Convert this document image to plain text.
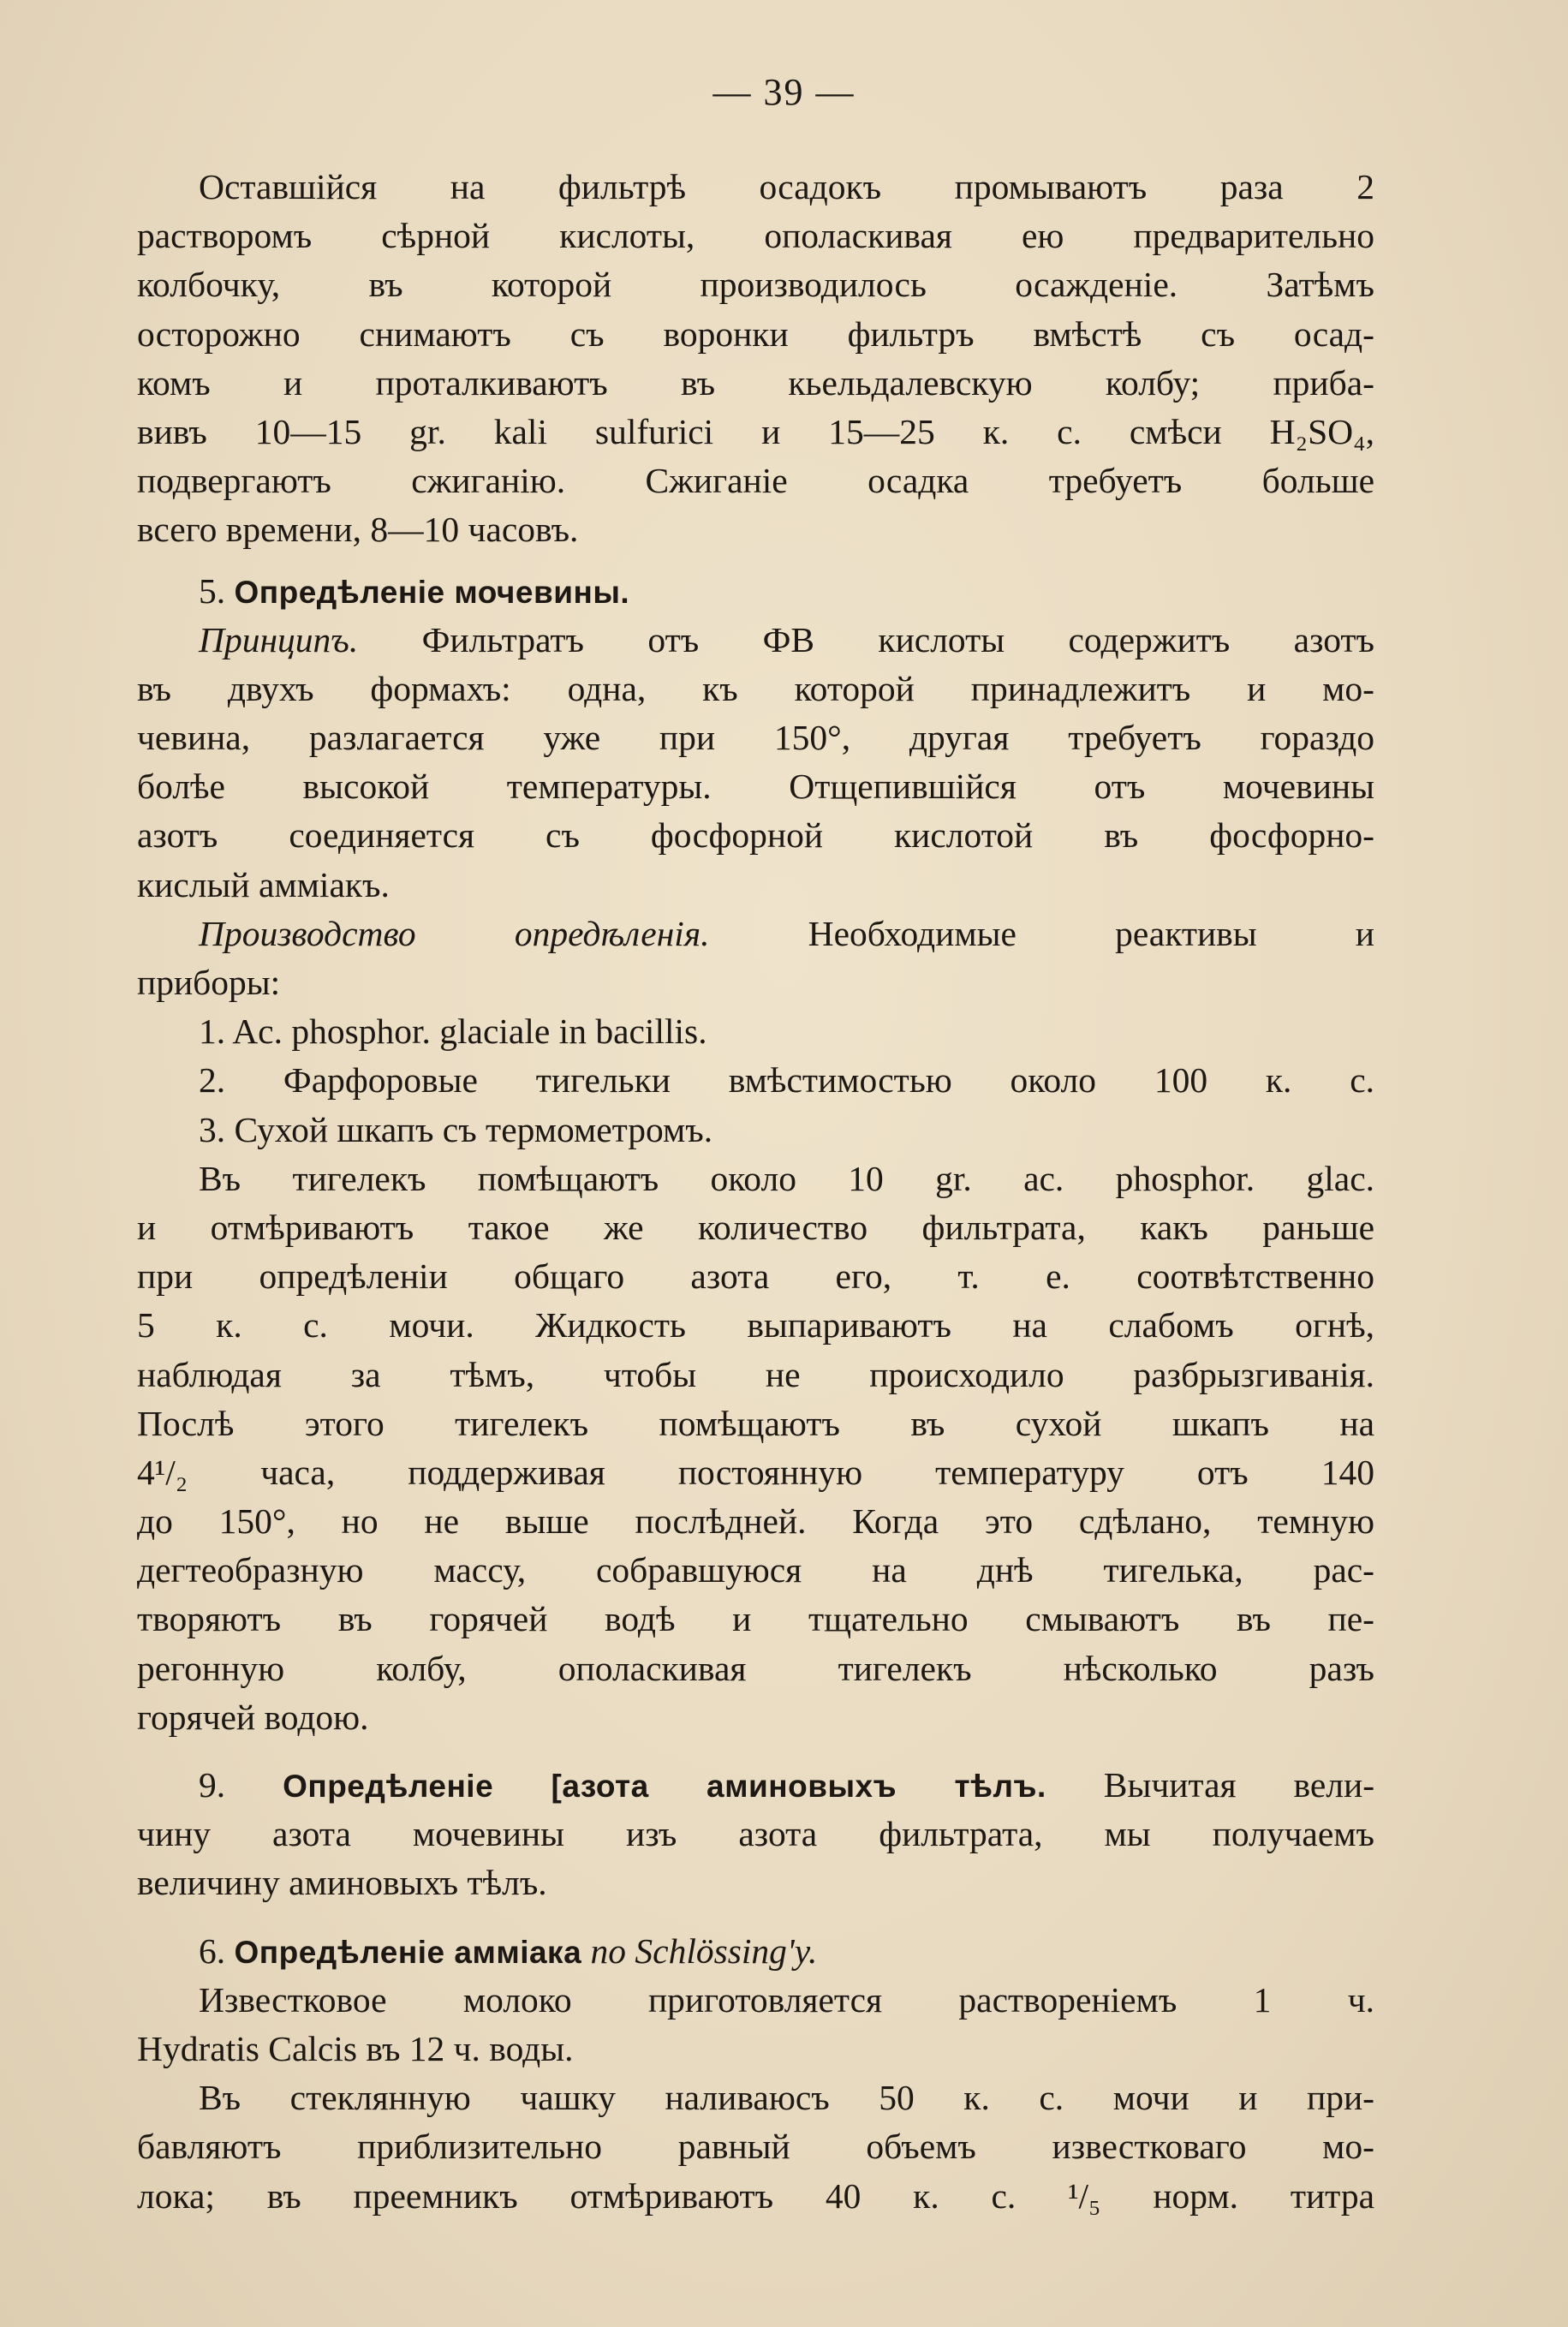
— 39 —
Оставшійся на фильтрѣ осадокъ промываютъ раза 2
растворомъ сѣрной кислоты, ополаскивая ею предварительно
колбочку, въ которой производилось осажденіе. Затѣмъ
осторожно снимаютъ съ воронки фильтръ вмѣстѣ съ осад-
комъ и проталкиваютъ въ кьельдалевскую колбу; приба-
вивъ 10—15 gr. kali sulfurici и 15—25 к. с. смѣси H₂SO₄,
подвергаютъ сжиганію. Сжиганіе осадка требуетъ больше
всего времени, 8—10 часовъ.
5. Опредѣленіе мочевины.
Принципъ. Фильтратъ отъ ФВ кислоты содержитъ азотъ
въ двухъ формахъ: одна, къ которой принадлежитъ и мо-
чевина, разлагается уже при 150°, другая требуетъ гораздо
болѣе высокой температуры. Отщепившійся отъ мочевины
азотъ соединяется съ фосфорной кислотой въ фосфорно-
кислый амміакъ.
Производство опредѣленія.	Необходимые реактивы и
приборы:
1. Ac. phosphor. glaciale in bacillis.
2. Фарфоровые тигельки вмѣстимостью около 100 к. с.
3. Сухой шкапъ съ термометромъ.
Въ тигелекъ помѣщаютъ около 10 gr. ac. phosphor. glac.
и отмѣриваютъ такое же количество фильтрата, какъ раньше
при опредѣленіи общаго азота его, т. е. соотвѣтственно
5 к. с. мочи. Жидкость выпариваютъ на слабомъ огнѣ,
наблюдая за тѣмъ, чтобы не происходило разбрызгиванія.
Послѣ этого тигелекъ помѣщаютъ въ сухой шкапъ на
4¹/₂ часа, поддерживая постоянную температуру отъ 140
до 150°, но не выше послѣдней. Когда это сдѣлано, темную
дегтеобразную массу, собравшуюся на днѣ тигелька, рас-
творяютъ въ горячей водѣ и тщательно смываютъ въ пе-
регонную колбу, ополаскивая тигелекъ нѣсколько разъ
горячей водою.
9. Опредѣленіе [азота аминовыхъ тѣлъ. Вычитая вели-
чину азота мочевины изъ азота фильтрата, мы получаемъ
величину аминовыхъ тѣлъ.
6. Опредѣленіе амміака по Schlössing'y.
Известковое молоко приготовляется раствореніемъ 1 ч.
Hydratis Calcis въ 12 ч. воды.
Въ стеклянную чашку наливаюсъ 50 к. с. мочи и при-
бавляютъ приблизительно равный объемъ известковаго мо-
лока; въ преемникъ отмѣриваютъ 40 к. с. ¹/₅ норм. титра
